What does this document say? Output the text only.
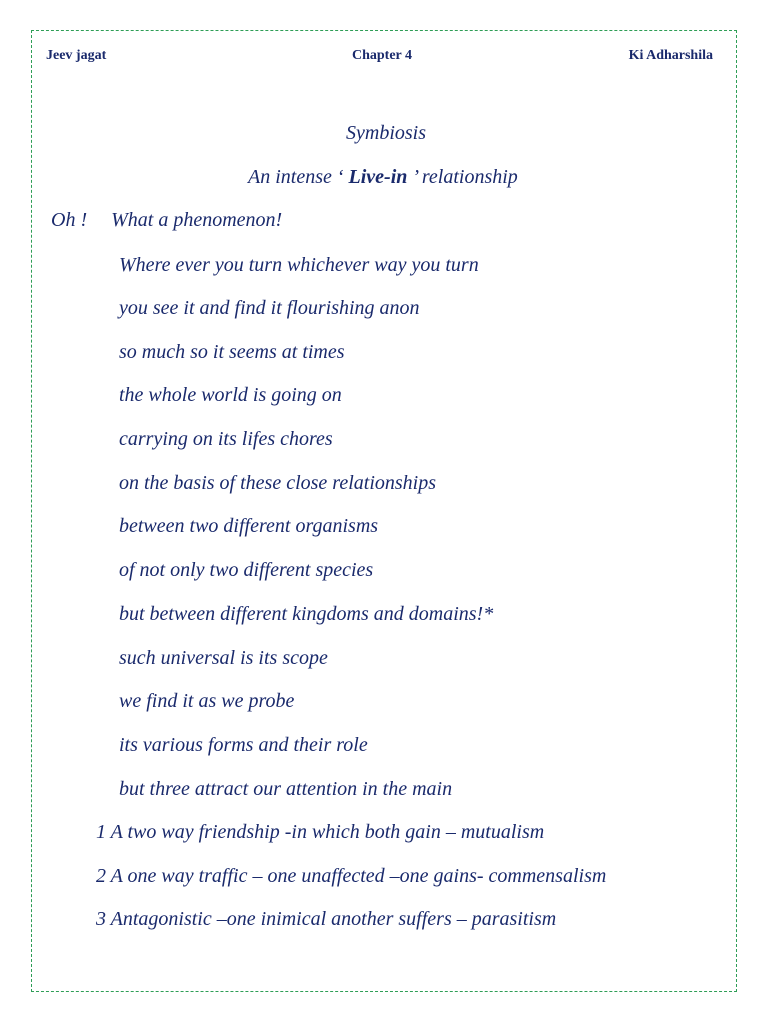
Jeev jagat	Chapter 4	Ki Adharshila
Symbiosis
An intense ‘ Live-in ’ relationship
Oh ! What a phenomenon!
Where ever you turn whichever way you turn
you see it and find it flourishing anon
so much so it seems at times
the whole world is going on
carrying on its lifes chores
on the basis of these close relationships
between two different organisms
of not only two different species
but between different kingdoms and domains!*
such universal is its scope
we find it as we probe
its various forms and their role
but three attract our attention in the main
1 A two way friendship -in which both gain – mutualism
2 A one way traffic – one unaffected –one gains- commensalism
3 Antagonistic –one inimical another suffers – parasitism
